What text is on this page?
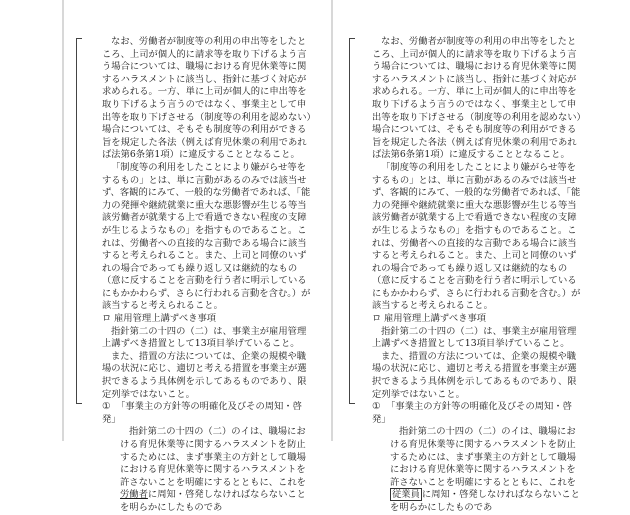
なお、労働者が制度等の利用の申出等をしたところ、上司が個人的に請求等を取り下げるよう言う場合については、職場における育児休業等に関するハラスメントに該当し、指針に基づく対応が求められる。一方、単に上司が個人的に申出等を取り下げるよう言うのではなく、事業主として申出等を取り下げさせる（制度等の利用を認めない）場合については、そもそも制度等の利用ができる旨を規定した各法（例えば育児休業の利用であれば法第6条第1項）に違反することとなること。

「制度等の利用をしたことにより嫌がらせ等をするもの」とは、単に言動があるのみでは該当せず、客観的にみて、一般的な労働者であれば、「能力の発揮や継続就業に重大な悪影響が生じる等当該労働者が就業する上で看過できない程度の支障が生じるようなもの」を指すものであること。これは、労働者への直接的な言動である場合に該当すると考えられること。また、上司と同僚のいずれの場合であっても繰り返し又は継続的なもの（意に反することを言動を行う者に明示しているにもかかわらず、さらに行われる言動を含む。）が該当すると考えられること。

ロ 雇用管理上講ずべき事項

指針第二の十四の（二）は、事業主が雇用管理上講ずべき措置として13項目挙げていること。

また、措置の方法については、企業の規模や職場の状況に応じ、適切と考える措置を事業主が選択できるよう具体例を示してあるものであり、限定列挙ではないこと。

① 「事業主の方針等の明確化及びその周知・啓発」

指針第二の十四の（二）のイは、職場における育児休業等に関するハラスメントを防止するためには、まず事業主の方針として職場における育児休業等に関するハラスメントを許さないことを明確にするとともに、これを労働者に周知・啓発しなければならないことを明らかにしたものであ

なお、労働者が制度等の利用の申出等をしたところ、上司が個人的に請求等を取り下げるよう言う場合については、職場における育児休業等に関するハラスメントに該当し、指針に基づく対応が求められる。一方、単に上司が個人的に申出等を取り下げるよう言うのではなく、事業主として申出等を取り下げさせる（制度等の利用を認めない）場合については、そもそも制度等の利用ができる旨を規定した各法（例えば育児休業の利用であれば法第6条第1項）に違反することとなること。

「制度等の利用をしたことにより嫌がらせ等をするもの」とは、単に言動があるのみでは該当せず、客観的にみて、一般的な労働者であれば、「能力の発揮や継続就業に重大な悪影響が生じる等当該労働者が就業する上で看過できない程度の支障が生じるようなもの」を指すものであること。これは、労働者への直接的な言動である場合に該当すると考えられること。また、上司と同僚のいずれの場合であっても繰り返し又は継続的なもの（意に反することを言動を行う者に明示しているにもかかわらず、さらに行われる言動を含む。）が該当すると考えられること。

ロ 雇用管理上講ずべき事項

指針第二の十四の（二）は、事業主が雇用管理上講ずべき措置として13項目挙げていること。

また、措置の方法については、企業の規模や職場の状況に応じ、適切と考える措置を事業主が選択できるよう具体例を示してあるものであり、限定列挙ではないこと。

① 「事業主の方針等の明確化及びその周知・啓発」

指針第二の十四の（二）のイは、職場における育児休業等に関するハラスメントを防止するためには、まず事業主の方針として職場における育児休業等に関するハラスメントを許さないことを明確にするとともに、これを従業員 に周知・啓発しなければならないことを明らかにしたものであ
